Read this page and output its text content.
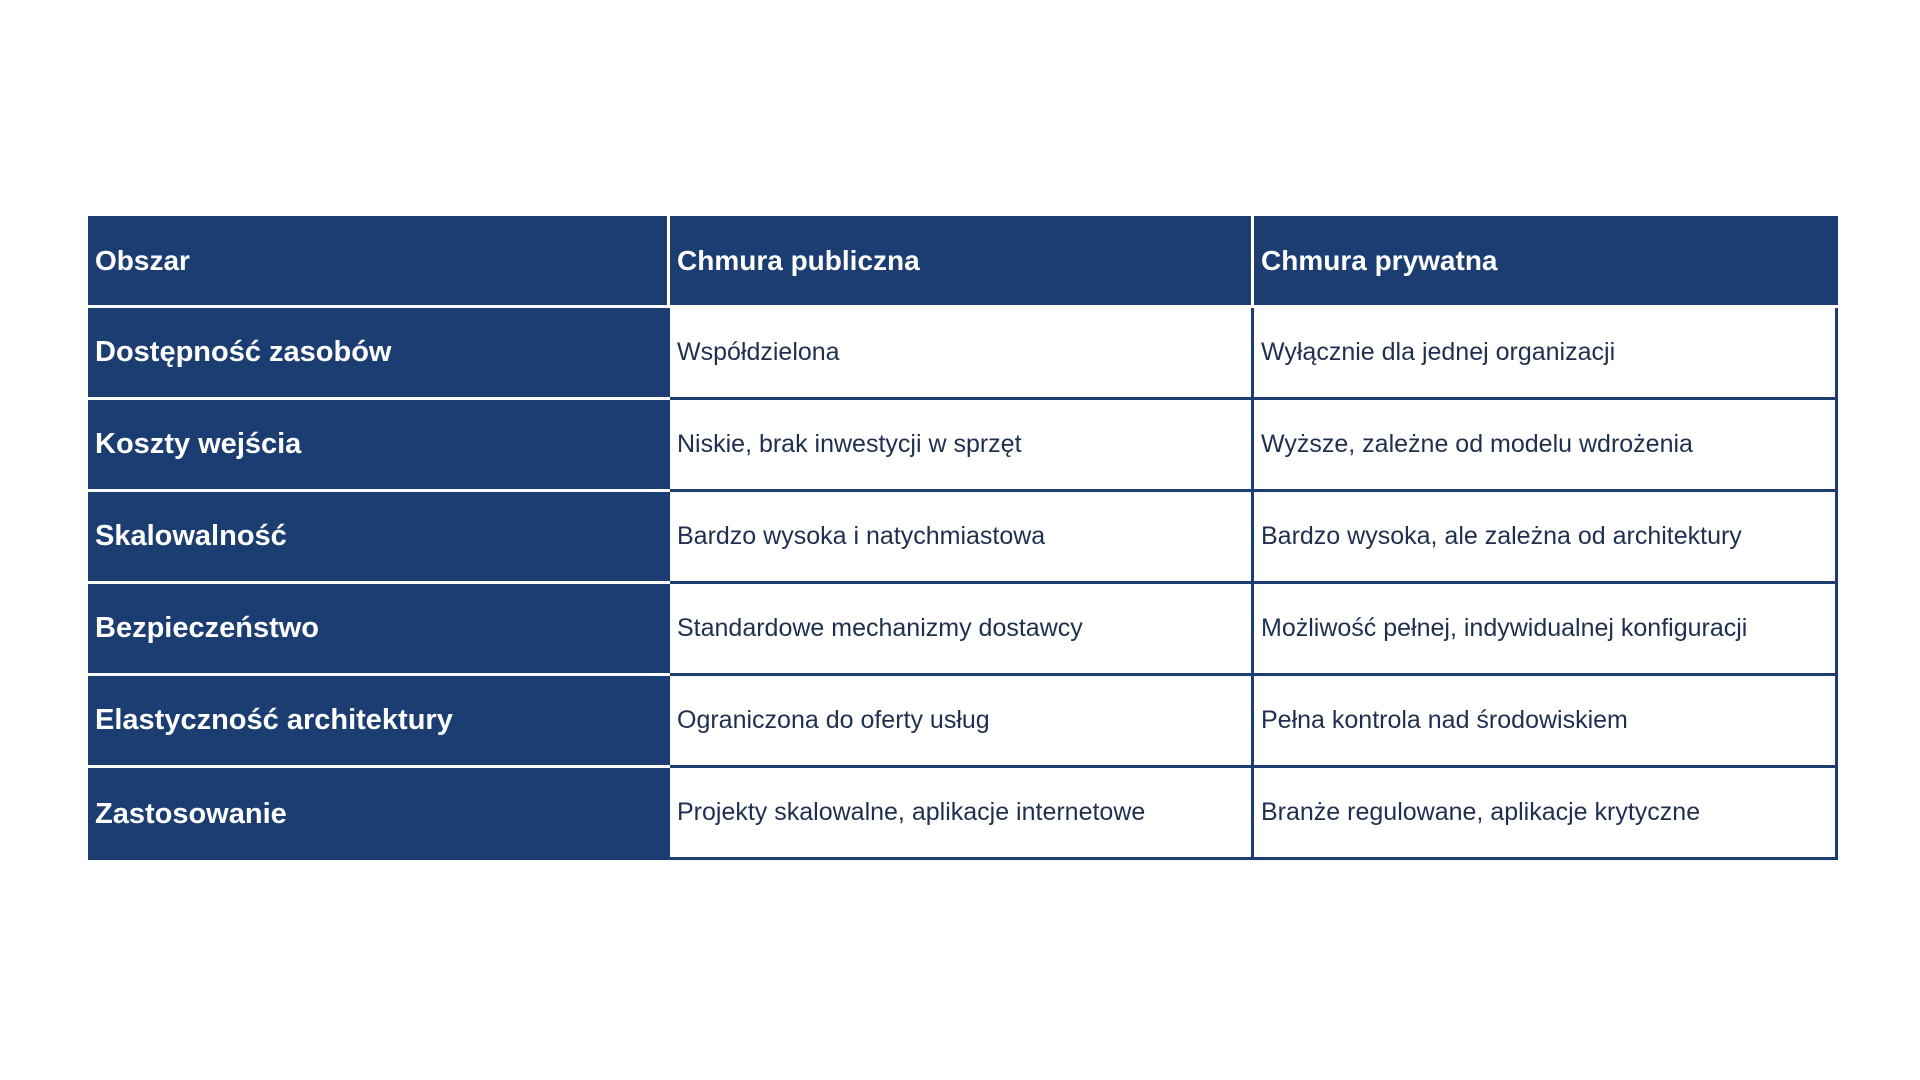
Obszar	Chmura publiczna	Chmura prywatna
Dostępność zasobów	Współdzielona	Wyłącznie dla jednej organizacji
Koszty wejścia	Niskie, brak inwestycji w sprzęt	Wyższe, zależne od modelu wdrożenia
Skalowalność	Bardzo wysoka i natychmiastowa	Bardzo wysoka, ale zależna od architektury
Bezpieczeństwo	Standardowe mechanizmy dostawcy	Możliwość pełnej, indywidualnej konfiguracji
Elastyczność architektury	Ograniczona do oferty usług	Pełna kontrola nad środowiskiem
Zastosowanie	Projekty skalowalne, aplikacje internetowe	Branże regulowane, aplikacje krytyczne
